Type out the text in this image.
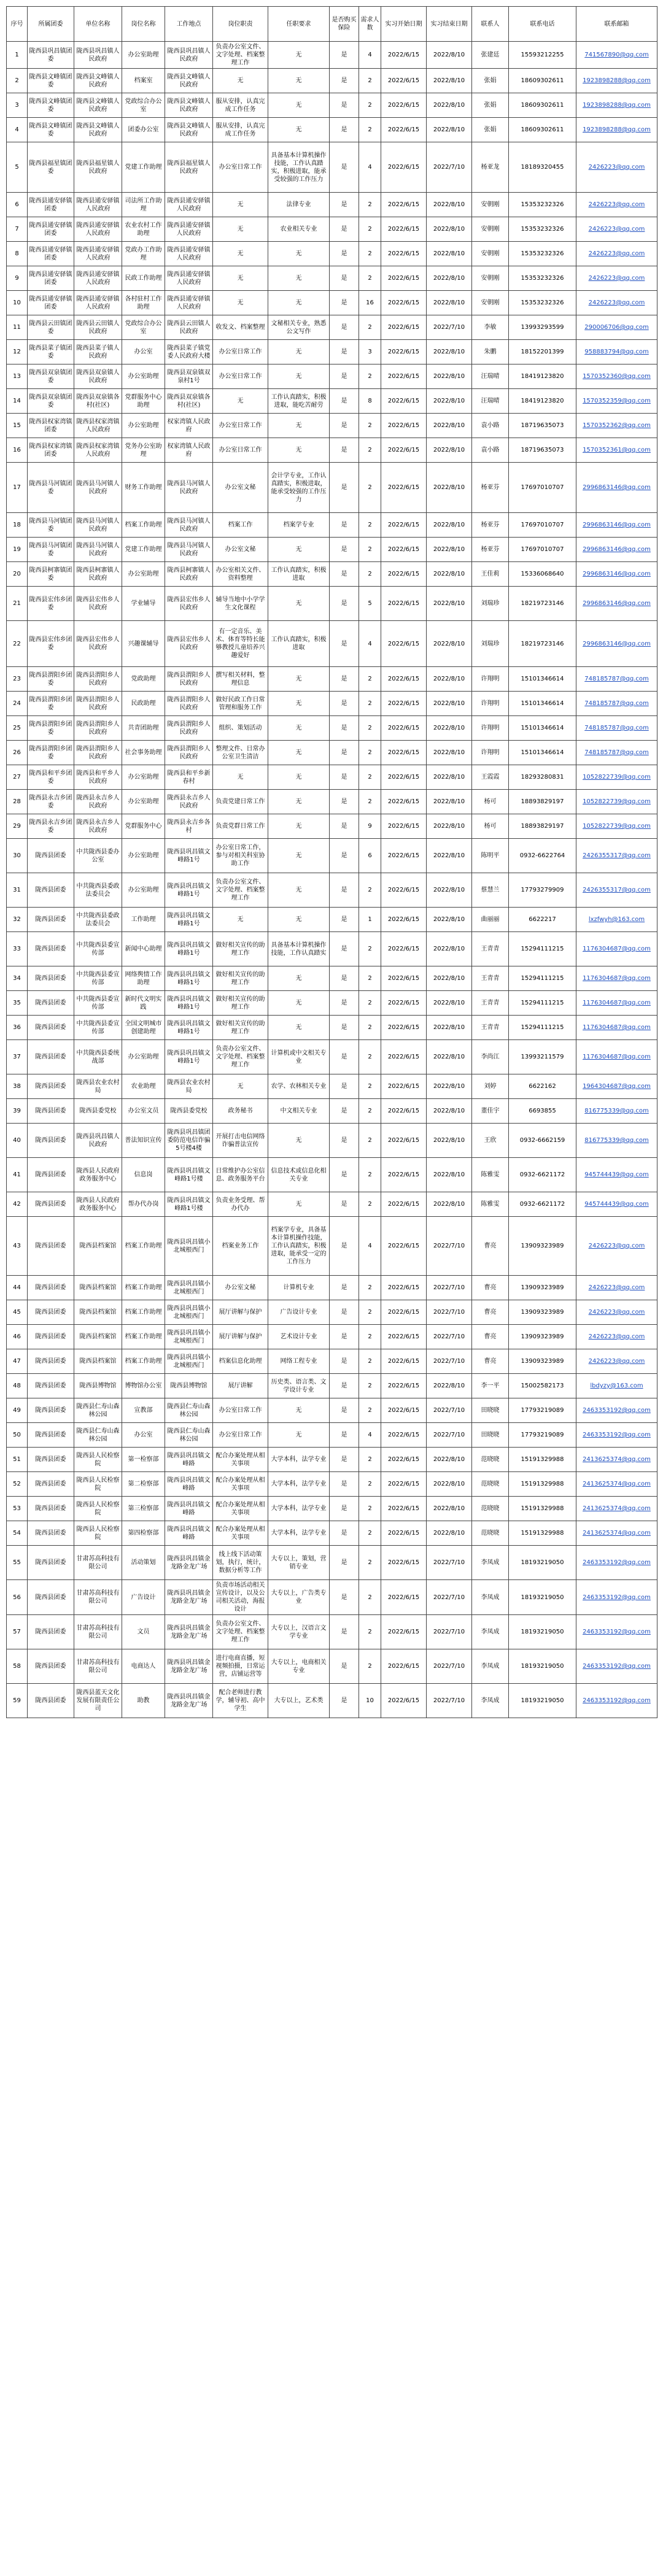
序号	所属团委	单位名称	岗位名称	工作地点	岗位职责	任职要求	是否购买保险	需求人数	实习开始日期	实习结束日期	联系人	联系电话	联系邮箱
1	陇西县巩昌镇团委	陇西县巩昌镇人民政府	办公室助理	陇西县巩昌镇人民政府	负责办公室文件、文字处理、档案整理工作	无	是	4	2022/6/15	2022/8/10	张建廷	15593212255	741567890@qq.com
2	陇西县文峰镇团委	陇西县文峰镇人民政府	档案室	陇西县文峰镇人民政府	无	无	是	2	2022/6/15	2022/8/10	张娟	18609302611	1923898288@qq.com
3	陇西县文峰镇团委	陇西县文峰镇人民政府	党政综合办公室	陇西县文峰镇人民政府	服从安排，认真完成工作任务	无	是	2	2022/6/15	2022/8/10	张娟	18609302611	1923898288@qq.com
4	陇西县文峰镇团委	陇西县文峰镇人民政府	团委办公室	陇西县文峰镇人民政府	服从安排，认真完成工作任务	无	是	2	2022/6/15	2022/8/10	张娟	18609302611	1923898288@qq.com
5	陇西县福星镇团委	陇西县福星镇人民政府	党建工作助理	陇西县福星镇人民政府	办公室日常工作	具备基本计算机操作技能，工作认真踏实，积极进取，能承受较强的工作压力	是	4	2022/6/15	2022/7/10	杨亚龙	18189320455	2426223@qq.com
6	陇西县通安驿镇团委	陇西县通安驿镇人民政府	司法所工作助理	陇西县通安驿镇人民政府	无	法律专业	是	2	2022/6/15	2022/8/10	安朝刚	15353232326	2426223@qq.com
7	陇西县通安驿镇团委	陇西县通安驿镇人民政府	农业农村工作助理	陇西县通安驿镇人民政府	无	农业相关专业	是	2	2022/6/15	2022/8/10	安朝刚	15353232326	2426223@qq.com
8	陇西县通安驿镇团委	陇西县通安驿镇人民政府	党政办工作助理	陇西县通安驿镇人民政府	无	无	是	2	2022/6/15	2022/8/10	安朝刚	15353232326	2426223@qq.com
9	陇西县通安驿镇团委	陇西县通安驿镇人民政府	民政工作助理	陇西县通安驿镇人民政府	无	无	是	2	2022/6/15	2022/8/10	安朝刚	15353232326	2426223@qq.com
10	陇西县通安驿镇团委	陇西县通安驿镇人民政府	各村驻村工作助理	陇西县通安驿镇人民政府	无	无	是	16	2022/6/15	2022/8/10	安朝刚	15353232326	2426223@qq.com
11	陇西县云田镇团委	陇西县云田镇人民政府	党政综合办公室	陇西县云田镇人民政府	收发文、档案整理	文秘相关专业，熟悉公文写作	是	2	2022/6/15	2022/7/10	李敏	13993293599	290006706@qq.com
12	陇西县菜子镇团委	陇西县菜子镇人民政府	办公室	陇西县菜子镇党委人民政府大楼	办公室日常工作	无	是	3	2022/6/15	2022/8/10	朱鹏	18152201399	958883794@qq.com
13	陇西县双泉镇团委	陇西县双泉镇人民政府	办公室助理	陇西县双泉镇双泉村1号	办公室日常工作	无	是	2	2022/6/15	2022/8/10	汪瑞晴	18419123820	1570352360@qq.com
14	陇西县双泉镇团委	陇西县双泉镇各村(社区)	党群服务中心助理	陇西县双泉镇各村(社区)	无	工作认真踏实，积极进取，能吃苦耐劳	是	8	2022/6/15	2022/8/10	汪瑞晴	18419123820	1570352359@qq.com
15	陇西县权家湾镇团委	陇西县权家湾镇人民政府	办公室助理	权家湾镇人民政府	办公室日常工作	无	是	2	2022/6/15	2022/8/10	袁小路	18719635073	1570352362@qq.com
16	陇西县权家湾镇团委	陇西县权家湾镇人民政府	党务办公室助理	权家湾镇人民政府	办公室日常工作	无	是	2	2022/6/15	2022/8/10	袁小路	18719635073	1570352361@qq.com
17	陇西县马河镇团委	陇西县马河镇人民政府	财务工作助理	陇西县马河镇人民政府	办公室文秘	会计学专业，工作认真踏实，积极进取，能承受较强的工作压力	是	2	2022/6/15	2022/8/10	杨亚芬	17697010707	2996863146@qq.com
18	陇西县马河镇团委	陇西县马河镇人民政府	档案工作助理	陇西县马河镇人民政府	档案工作	档案学专业	是	2	2022/6/15	2022/8/10	杨亚芬	17697010707	2996863146@qq.com
19	陇西县马河镇团委	陇西县马河镇人民政府	党建工作助理	陇西县马河镇人民政府	办公室文秘	无	是	2	2022/6/15	2022/8/10	杨亚芬	17697010707	2996863146@qq.com
20	陇西县柯寨镇团委	陇西县柯寨镇人民政府	办公室助理	陇西县柯寨镇人民政府	办公室相关文件、资料整理	工作认真踏实，积极进取	是	2	2022/6/15	2022/8/10	王佳莉	15336068640	2996863146@qq.com
21	陇西县宏伟乡团委	陇西县宏伟乡人民政府	学业辅导	陇西县宏伟乡人民政府	辅导当地中小学学生文化课程	无	是	5	2022/6/15	2022/8/10	刘瑞珍	18219723146	2996863146@qq.com
22	陇西县宏伟乡团委	陇西县宏伟乡人民政府	兴趣课辅导	陇西县宏伟乡人民政府	有一定音乐、美术、体育等特长能够教授儿童培养兴趣爱好	工作认真踏实，积极进取	是	4	2022/6/15	2022/8/10	刘瑞珍	18219723146	2996863146@qq.com
23	陇西县渭阳乡团委	陇西县渭阳乡人民政府	党政助理	陇西县渭阳乡人民政府	撰写相关材料，整理信息	无	是	2	2022/6/15	2022/8/10	许翔明	15101346614	748185787@qq.com
24	陇西县渭阳乡团委	陇西县渭阳乡人民政府	民政助理	陇西县渭阳乡人民政府	做好民政工作日常管理和服务工作	无	是	2	2022/6/15	2022/8/10	许翔明	15101346614	748185787@qq.com
25	陇西县渭阳乡团委	陇西县渭阳乡人民政府	共青团助理	陇西县渭阳乡人民政府	组织、策划活动	无	是	2	2022/6/15	2022/8/10	许翔明	15101346614	748185787@qq.com
26	陇西县渭阳乡团委	陇西县渭阳乡人民政府	社会事务助理	陇西县渭阳乡人民政府	整理文件、日常办公室卫生清洁	无	是	2	2022/6/15	2022/8/10	许翔明	15101346614	748185787@qq.com
27	陇西县和平乡团委	陇西县和平乡人民政府	办公室助理	陇西县和平乡新春村	无	无	是	2	2022/6/15	2022/8/10	王霞霞	18293280831	1052822739@qq.com
28	陇西县永吉乡团委	陇西县永吉乡人民政府	办公室助理	陇西县永吉乡人民政府	负责党建日常工作	无	是	2	2022/6/15	2022/8/10	杨可	18893829197	1052822739@qq.com
29	陇西县永吉乡团委	陇西县永吉乡人民政府	党群服务中心	陇西县永吉乡各村	负责党群日常工作	无	是	9	2022/6/15	2022/8/10	杨可	18893829197	1052822739@qq.com
30	陇西县团委	中共陇西县委办公室	办公室助理	陇西县巩昌镇文峰路1号	办公室日常工作，参与对相关科室协助工作	无	是	6	2022/6/15	2022/8/10	陈明平	0932-6622764	2426355317@qq.com
31	陇西县团委	中共陇西县委政法委员会	办公室助理	陇西县巩昌镇文峰路1号	负责办公室文件、文字处理、档案整理工作	无	是	2	2022/6/15	2022/8/10	蔡慧兰	17793279909	2426355317@qq.com
32	陇西县团委	中共陇西县委政法委员会	工作助理	陇西县巩昌镇文峰路1号	无	无	是	1	2022/6/15	2022/8/10	曲丽丽	6622217	lxzfwyh@163.com
33	陇西县团委	中共陇西县委宣传部	新闻中心助理	陇西县巩昌镇文峰路1号	做好相关宣传的助理工作	具备基本计算机操作技能，工作认真踏实	是	2	2022/6/15	2022/8/10	王青青	15294111215	1176304687@qq.com
34	陇西县团委	中共陇西县委宣传部	网络舆情工作助理	陇西县巩昌镇文峰路1号	做好相关宣传的助理工作	无	是	2	2022/6/15	2022/8/10	王青青	15294111215	1176304687@qq.com
35	陇西县团委	中共陇西县委宣传部	新时代文明实践	陇西县巩昌镇文峰路1号	做好相关宣传的助理工作	无	是	2	2022/6/15	2022/8/10	王青青	15294111215	1176304687@qq.com
36	陇西县团委	中共陇西县委宣传部	全国文明城市创建助理	陇西县巩昌镇文峰路1号	做好相关宣传的助理工作	无	是	2	2022/6/15	2022/8/10	王青青	15294111215	1176304687@qq.com
37	陇西县团委	中共陇西县委统战部	办公室助理	陇西县巩昌镇文峰路1号	负责办公室文件、文字处理、档案整理工作	计算机或中文相关专业	是	2	2022/6/15	2022/8/10	李尚江	13993211579	1176304687@qq.com
38	陇西县团委	陇西县农业农村局	农业助理	陇西县农业农村局	无	农学、农林相关专业	是	2	2022/6/15	2022/8/10	刘婷	6622162	1964304687@qq.com
39	陇西县团委	陇西县委党校	办公室文员	陇西县委党校	政务秘书	中文相关专业	是	2	2022/6/15	2022/8/10	董佳宇	6693855	816775339@qq.com
40	陇西县团委	陇西县巩昌镇人民政府	普法知识宣传	陇西县巩昌镇团委防范电信诈骗5号楼4楼	开展打击电信网络诈骗普法宣传	无	是	2	2022/6/15	2022/8/10	王欣	0932-6662159	816775339@qq.com
41	陇西县团委	陇西县人民政府政务服务中心	信息岗	陇西县巩昌镇文峰路1号楼	日常维护办公室信息、政务服务平台	信息技术或信息化相关专业	是	2	2022/6/15	2022/8/10	陈雅雯	0932-6621172	945744439@qq.com
42	陇西县团委	陇西县人民政府政务服务中心	帮办代办岗	陇西县巩昌镇文峰路1号楼	负责业务受理、帮办代办	无	是	2	2022/6/15	2022/8/10	陈雅雯	0932-6621172	945744439@qq.com
43	陇西县团委	陇西县档案馆	档案工作助理	陇西县巩昌镇小北城根西门	档案业务工作	档案学专业，具备基本计算机操作技能，工作认真踏实，积极进取，能承受一定的工作压力	是	4	2022/6/15	2022/7/10	曹亮	13909323989	2426223@qq.com
44	陇西县团委	陇西县档案馆	档案工作助理	陇西县巩昌镇小北城根西门	办公室文秘	计算机专业	是	2	2022/6/15	2022/7/10	曹亮	13909323989	2426223@qq.com
45	陇西县团委	陇西县档案馆	档案工作助理	陇西县巩昌镇小北城根西门	展厅讲解与保护	广告设计专业	是	2	2022/6/15	2022/7/10	曹亮	13909323989	2426223@qq.com
46	陇西县团委	陇西县档案馆	档案工作助理	陇西县巩昌镇小北城根西门	展厅讲解与保护	艺术设计专业	是	2	2022/6/15	2022/7/10	曹亮	13909323989	2426223@qq.com
47	陇西县团委	陇西县档案馆	档案工作助理	陇西县巩昌镇小北城根西门	档案信息化助理	网络工程专业	是	2	2022/6/15	2022/7/10	曹亮	13909323989	2426223@qq.com
48	陇西县团委	陇西县博物馆	博物馆办公室	陇西县博物馆	展厅讲解	历史类、语言类、文学设计专业	是	2	2022/6/15	2022/8/10	李一平	15002582173	lbdyzy@163.com
49	陇西县团委	陇西县仁寿山森林公园	宣教部	陇西县仁寿山森林公园	办公室日常工作	无	是	2	2022/6/15	2022/7/10	田晓晓	17793219089	2463353192@qq.com
50	陇西县团委	陇西县仁寿山森林公园	办公室	陇西县仁寿山森林公园	办公室日常工作	无	是	4	2022/6/15	2022/7/10	田晓晓	17793219089	2463353192@qq.com
51	陇西县团委	陇西县人民检察院	第一检察部	陇西县巩昌镇文峰路	配合办案处理从相关事项	大学本科，法学专业	是	2	2022/6/15	2022/8/10	范晓晓	15191329988	2413625374@qq.com
52	陇西县团委	陇西县人民检察院	第二检察部	陇西县巩昌镇文峰路	配合办案处理从相关事项	大学本科，法学专业	是	2	2022/6/15	2022/8/10	范晓晓	15191329988	2413625374@qq.com
53	陇西县团委	陇西县人民检察院	第三检察部	陇西县巩昌镇文峰路	配合办案处理从相关事项	大学本科，法学专业	是	2	2022/6/15	2022/8/10	范晓晓	15191329988	2413625374@qq.com
54	陇西县团委	陇西县人民检察院	第四检察部	陇西县巩昌镇文峰路	配合办案处理从相关事项	大学本科，法学专业	是	2	2022/6/15	2022/8/10	范晓晓	15191329988	2413625374@qq.com
55	陇西县团委	甘肃苏高科技有限公司	活动策划	陇西县巩昌镇金龙路金龙广场	线上线下活动策划，执行，统计，数据分析等工作	大专以上，策划，营销专业	是	2	2022/6/15	2022/7/10	李凤成	18193219050	2463353192@qq.com
56	陇西县团委	甘肃苏高科技有限公司	广告设计	陇西县巩昌镇金龙路金龙广场	负责市场活动相关宣传设计，以及公司相关活动，海报设计	大专以上，广告类专业	是	2	2022/6/15	2022/7/10	李凤成	18193219050	2463353192@qq.com
57	陇西县团委	甘肃苏高科技有限公司	文员	陇西县巩昌镇金龙路金龙广场	负责办公室文件、文字处理、档案整理工作	大专以上，汉语言文学专业	是	2	2022/6/15	2022/7/10	李凤成	18193219050	2463353192@qq.com
58	陇西县团委	甘肃苏高科技有限公司	电商达人	陇西县巩昌镇金龙路金龙广场	进行电商直播，短视频拍摄，日常运营，店铺运营等	大专以上，电商相关专业	是	2	2022/6/15	2022/7/10	李凤成	18193219050	2463353192@qq.com
59	陇西县团委	陇西县蓝天文化发展有限责任公司	助教	陇西县巩昌镇金龙路金龙广场	配合老师进行教学，辅导初、高中学生	大专以上，艺术类	是	10	2022/6/15	2022/7/10	李凤成	18193219050	2463353192@qq.com
